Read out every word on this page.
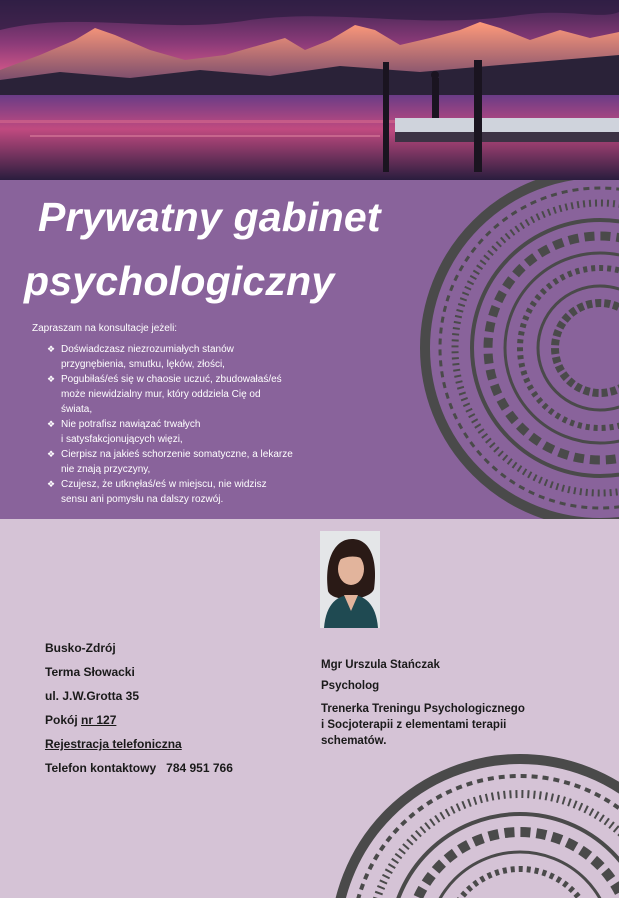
Prywatny gabinet
psychologiczny

Zapraszam na konsultacje jeżeli:

❖ Doświadczasz niezrozumiałych stanów
przygnębienia, smutku, lęków, złości,
❖ Pogubiłaś/eś się w chaosie uczuć, zbudowałaś/eś
może niewidzialny mur, który oddziela Cię od
świata,
❖ Nie potrafisz nawiązać trwałych
i satysfakcjonujących więzi,
❖ Cierpisz na jakieś schorzenie somatyczne, a lekarze
nie znają przyczyny,
❖ Czujesz, że utknęłaś/eś w miejscu, nie widzisz
sensu ani pomysłu na dalszy rozwój.
Busko-Zdrój
Terma Słowacki
ul. J.W.Grotta 35
Pokój nr 127
Rejestracja telefoniczna
Telefon kontaktowy 784 951 766
Mgr Urszula Stańczak
Psycholog
Trenerka Treningu Psychologicznego
i Socjoterapii z elementami terapii
schematów.
